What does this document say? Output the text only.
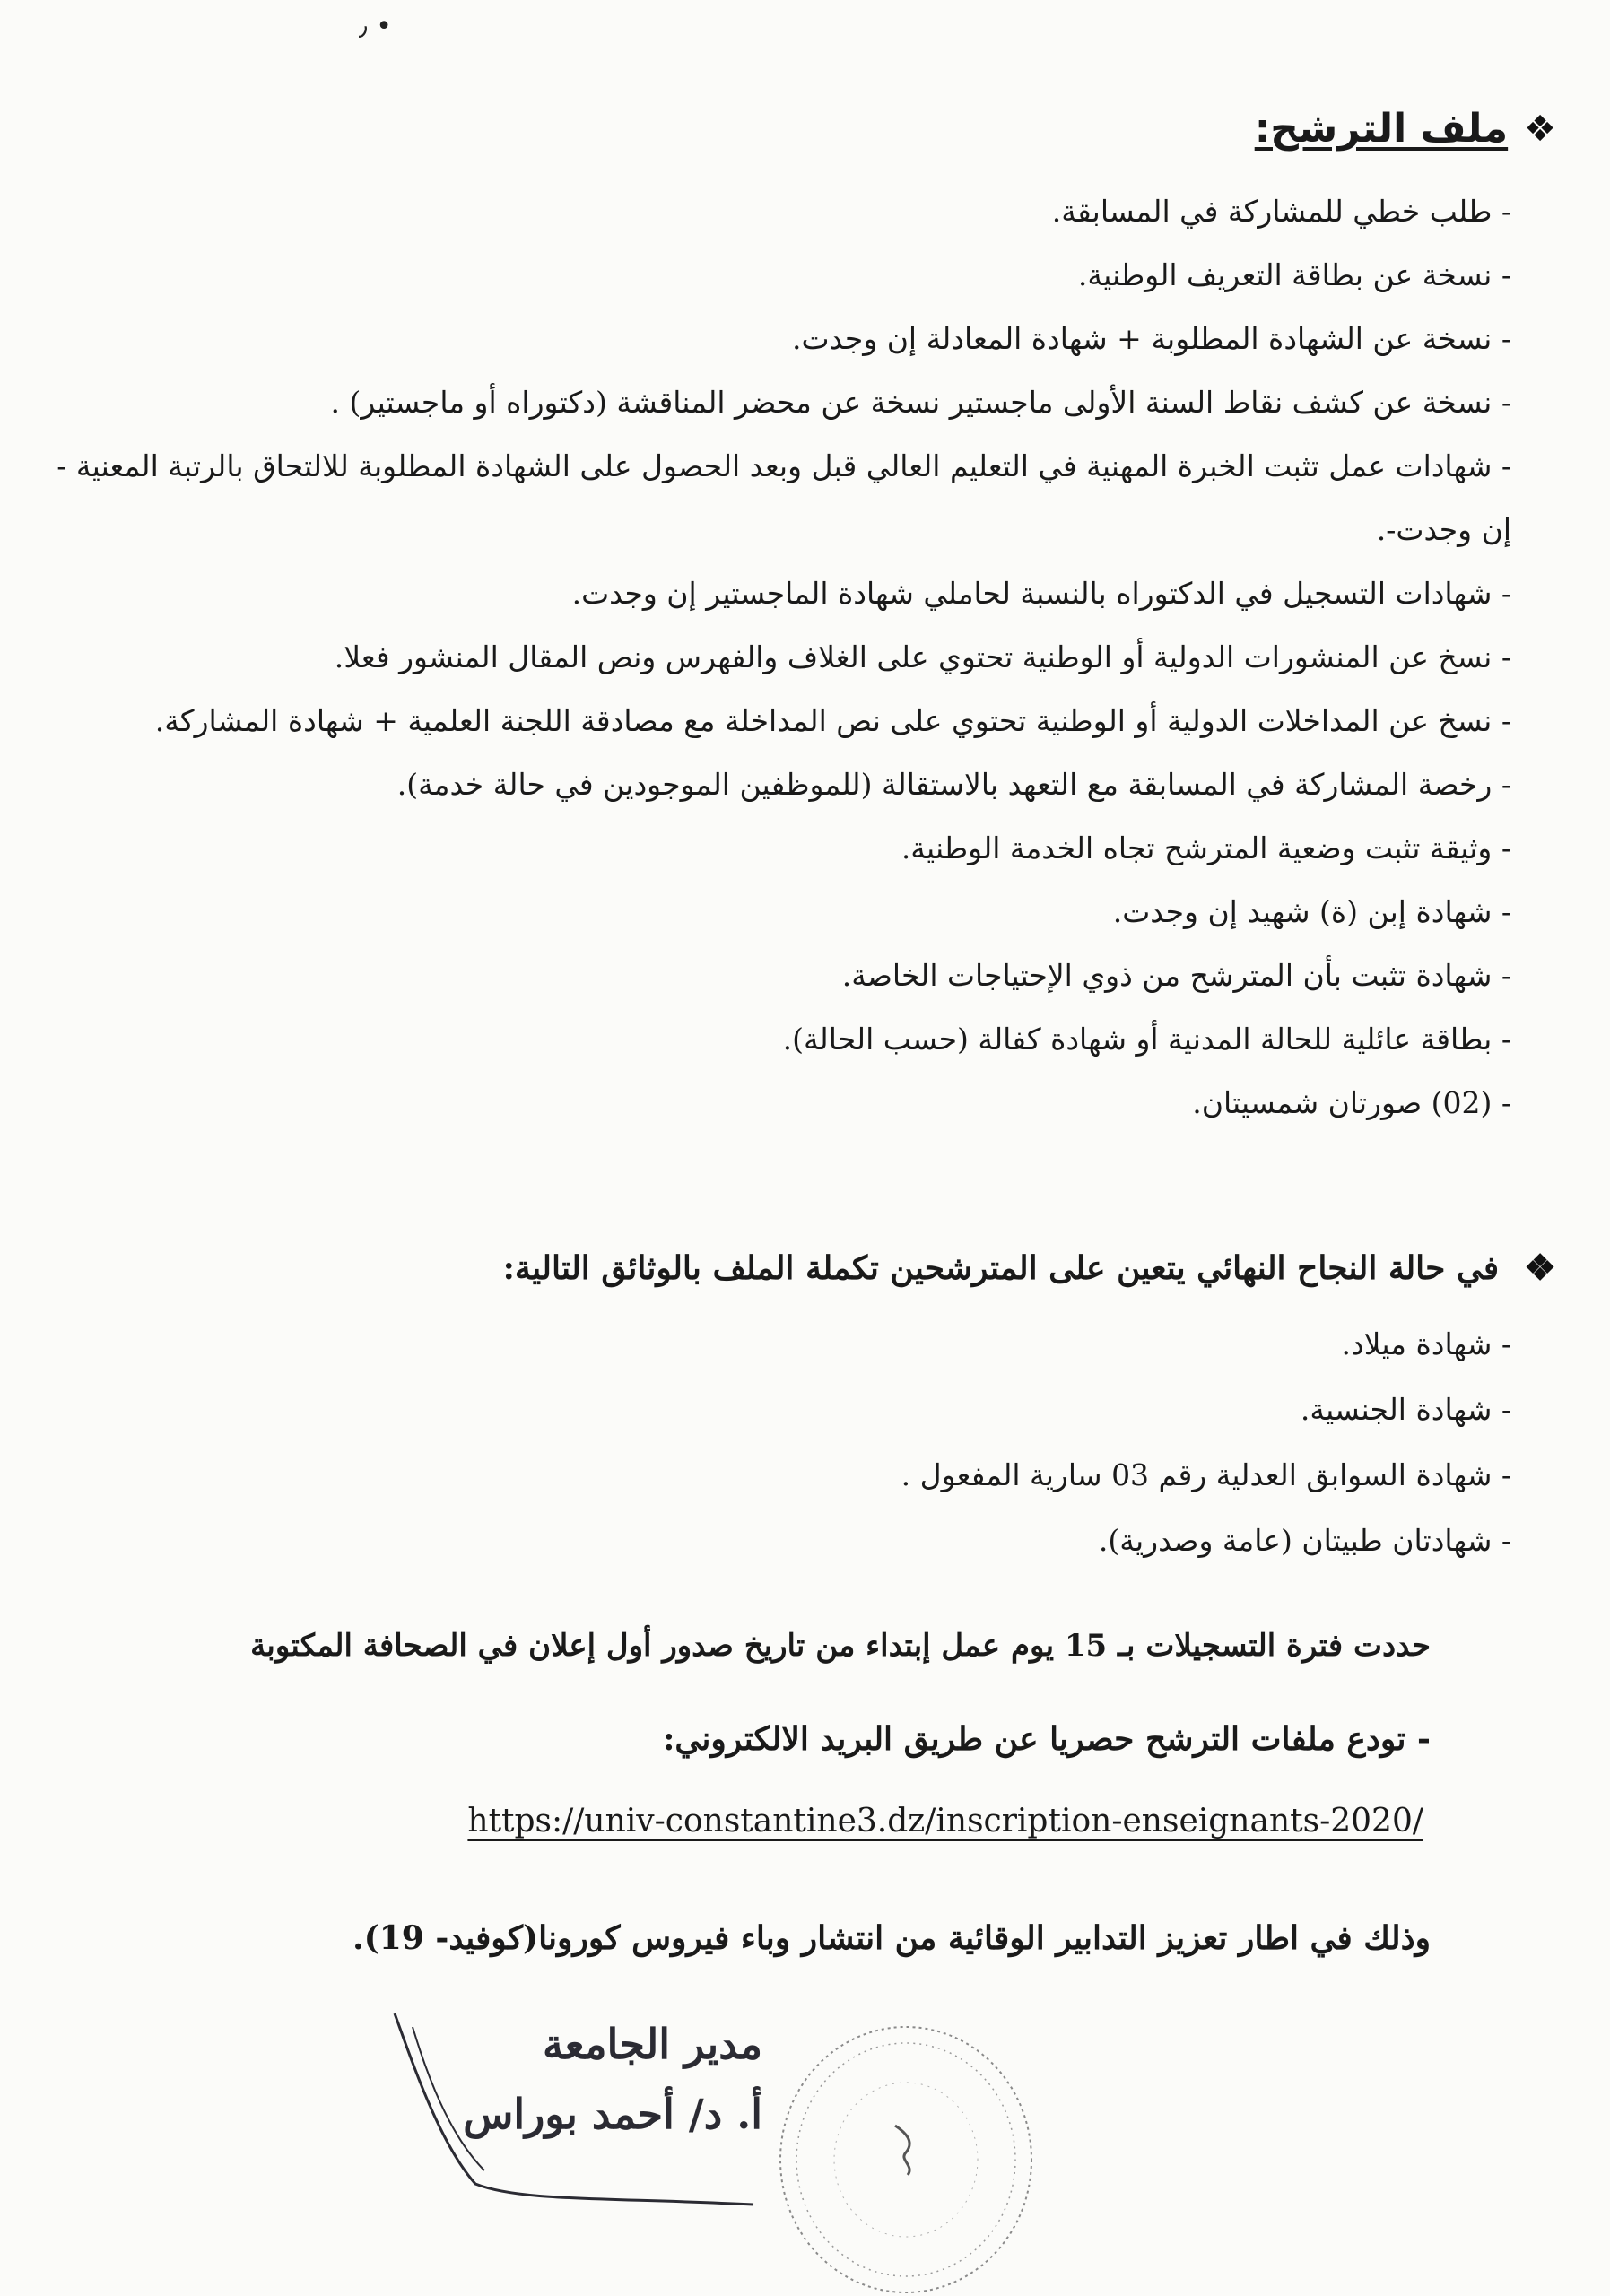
٫ •
❖
ملف الترشح:
- طلب خطي للمشاركة في المسابقة.
- نسخة عن بطاقة التعريف الوطنية.
- نسخة عن الشهادة المطلوبة + شهادة المعادلة إن وجدت.
- نسخة عن كشف نقاط السنة الأولى ماجستير نسخة عن محضر المناقشة (دكتوراه أو ماجستير) .
- شهادات عمل تثبت الخبرة المهنية في التعليم العالي قبل وبعد الحصول على الشهادة المطلوبة للالتحاق بالرتبة المعنية - إن وجدت-.
- شهادات التسجيل في الدكتوراه بالنسبة لحاملي شهادة الماجستير إن وجدت.
- نسخ عن المنشورات الدولية أو الوطنية تحتوي على الغلاف والفهرس ونص المقال المنشور فعلا.
- نسخ عن المداخلات الدولية أو الوطنية تحتوي على نص المداخلة مع مصادقة اللجنة العلمية + شهادة المشاركة.
- رخصة المشاركة في المسابقة مع التعهد بالاستقالة (للموظفين الموجودين في حالة خدمة).
- وثيقة تثبت وضعية المترشح تجاه الخدمة الوطنية.
- شهادة إبن (ة) شهيد إن وجدت.
- شهادة تثبت بأن المترشح من ذوي الإحتياجات الخاصة.
- بطاقة عائلية للحالة المدنية أو شهادة كفالة (حسب الحالة).
- (02) صورتان شمسيتان.
❖
في حالة النجاح النهائي يتعين على المترشحين تكملة الملف بالوثائق التالية:
- شهادة ميلاد.
- شهادة الجنسية.
- شهادة السوابق العدلية رقم 03 سارية المفعول .
- شهادتان طبيتان (عامة وصدرية).
حددت فترة التسجيلات بـ 15 يوم عمل إبتداء من تاريخ صدور أول إعلان في الصحافة المكتوبة
- تودع ملفات الترشح حصريا عن طريق البريد الالكتروني:
https://univ-constantine3.dz/inscription-enseignants-2020/
وذلك في اطار تعزيز التدابير الوقائية من انتشار وباء فيروس كورونا(كوفيد- 19).
مدير الجامعة
أ. د/ أحمد بوراس
